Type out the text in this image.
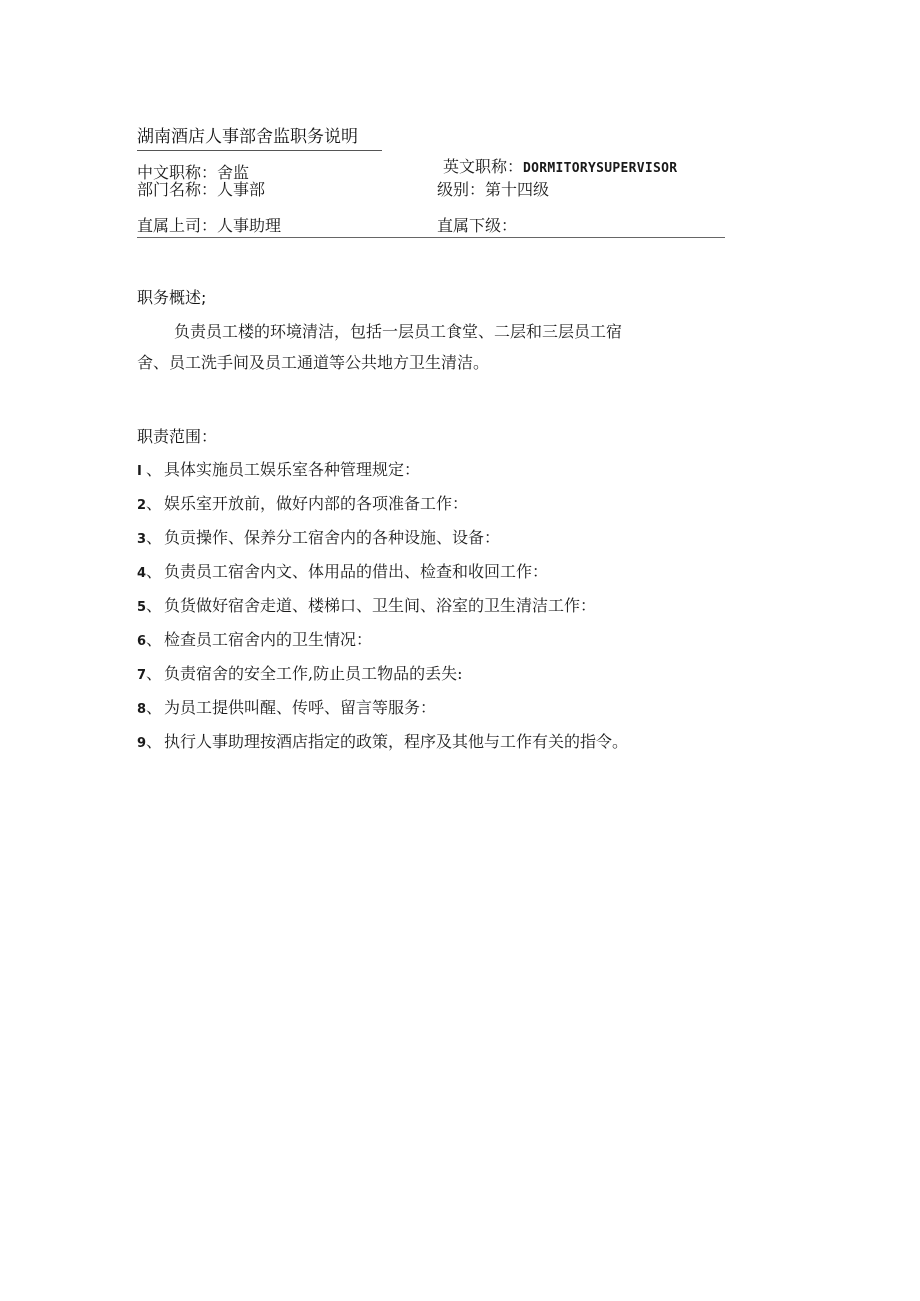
湖南酒店人事部舍监职务说明
中文职称：舍监	英文职称：DORMITORYSUPERVISOR
部门名称：人事部	级别：第十四级
直属上司：人事助理	直属下级：
职务概述;
负责员工楼的环境清洁，包括一层员工食堂、二层和三层员工宿
舍、员工洗手间及员工通道等公共地方卫生清洁。
职责范围：
I 、 具体实施员工娱乐室各种管理规定：
2、 娱乐室开放前，做好内部的各项准备工作：
3、 负贡操作、保养分工宿舍内的各种设施、设备：
4、 负责员工宿舍内文、体用品的借出、检查和收回工作：
5、 负货做好宿舍走道、楼梯口、卫生间、浴室的卫生清洁工作：
6、 检查员工宿舍内的卫生情况：
7、 负责宿舍的安全工作,防止员工物品的丢失:
8、 为员工提供叫醒、传呼、留言等服务：
9、 执行人事助理按酒店指定的政策，程序及其他与工作有关的指令。
